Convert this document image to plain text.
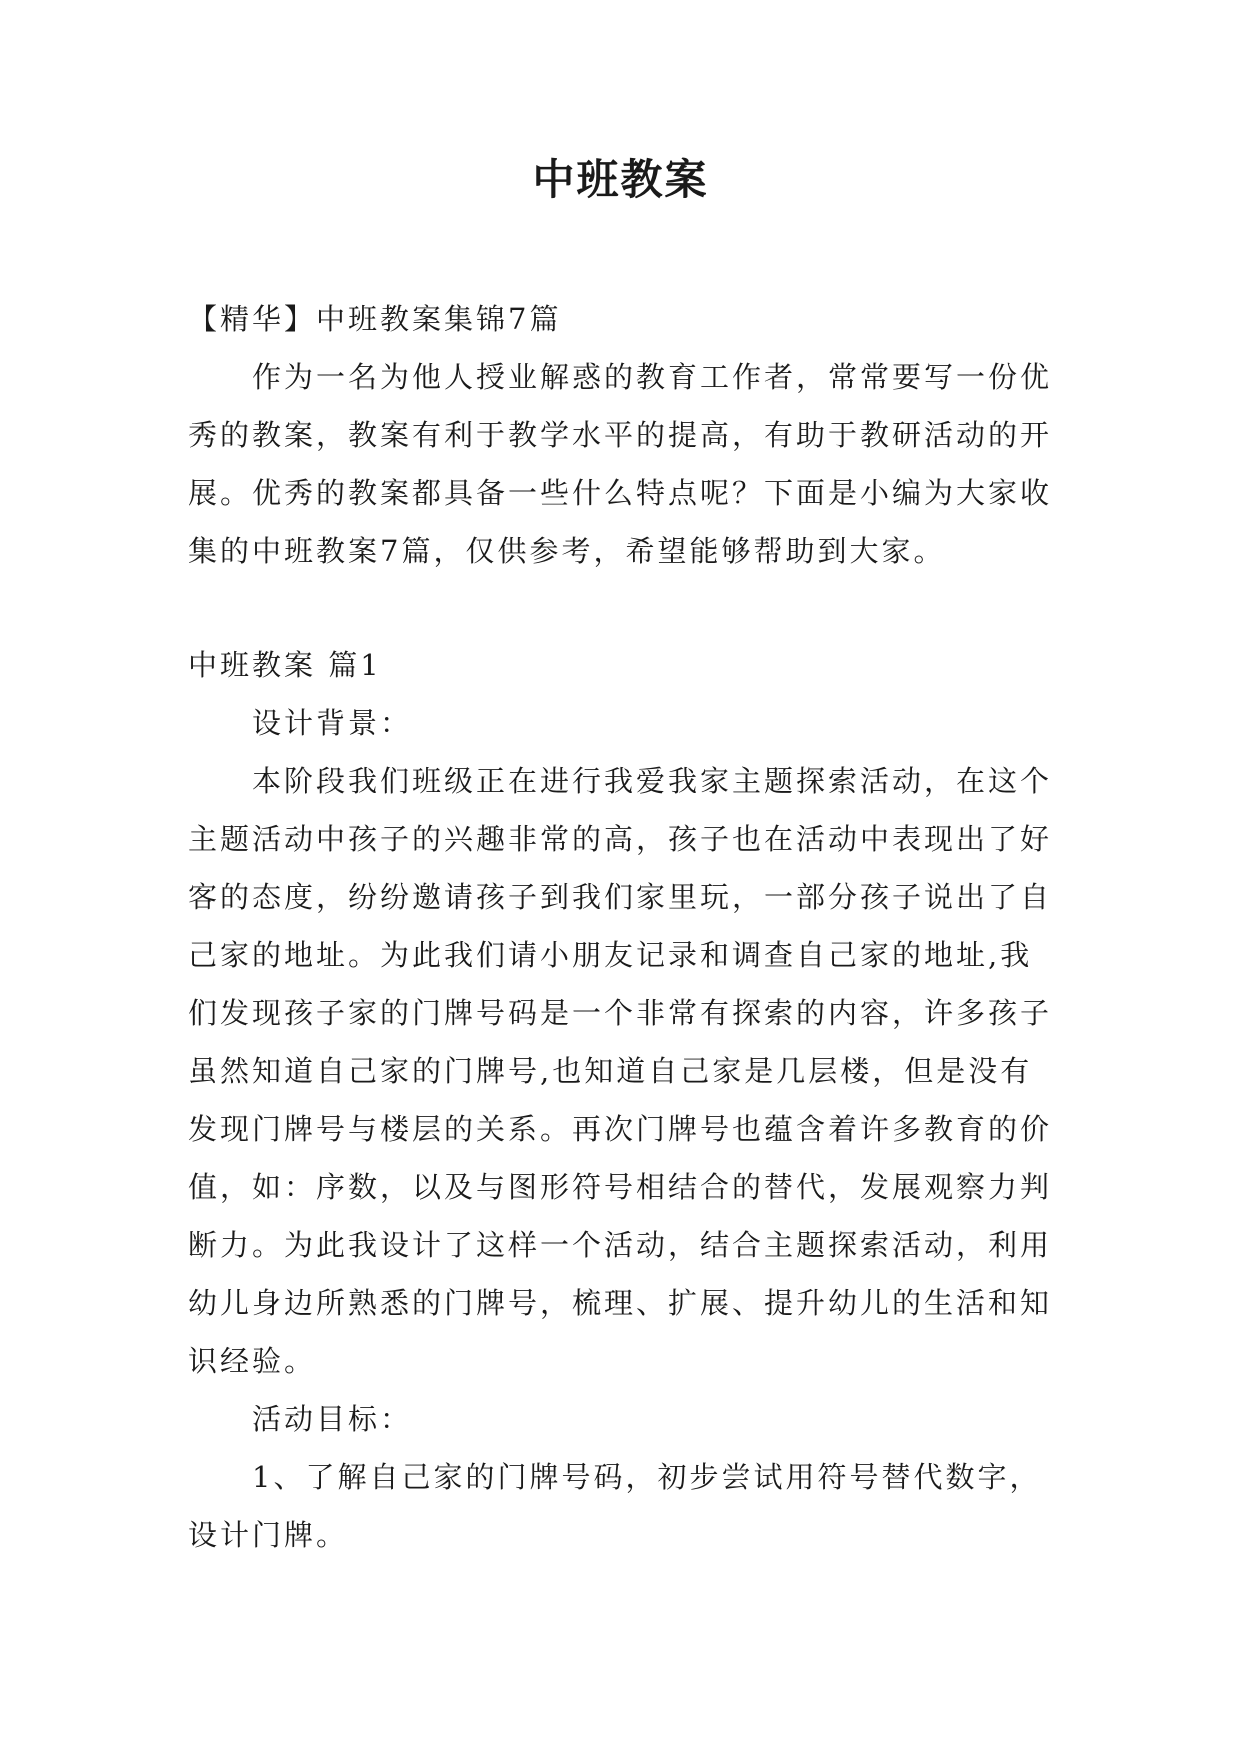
中班教案

【精华】中班教案集锦7篇

作为一名为他人授业解惑的教育工作者，常常要写一份优秀的教案，教案有利于教学水平的提高，有助于教研活动的开展。优秀的教案都具备一些什么特点呢？下面是小编为大家收集的中班教案7篇，仅供参考，希望能够帮助到大家。

中班教案 篇1

设计背景：

本阶段我们班级正在进行我爱我家主题探索活动，在这个主题活动中孩子的兴趣非常的高，孩子也在活动中表现出了好客的态度，纷纷邀请孩子到我们家里玩，一部分孩子说出了自己家的地址。为此我们请小朋友记录和调查自己家的地址,我们发现孩子家的门牌号码是一个非常有探索的内容，许多孩子虽然知道自己家的门牌号,也知道自己家是几层楼，但是没有发现门牌号与楼层的关系。再次门牌号也蕴含着许多教育的价值，如：序数，以及与图形符号相结合的替代，发展观察力判断力。为此我设计了这样一个活动，结合主题探索活动，利用幼儿身边所熟悉的门牌号，梳理、扩展、提升幼儿的生活和知识经验。

活动目标：

1、了解自己家的门牌号码，初步尝试用符号替代数字，设计门牌。
